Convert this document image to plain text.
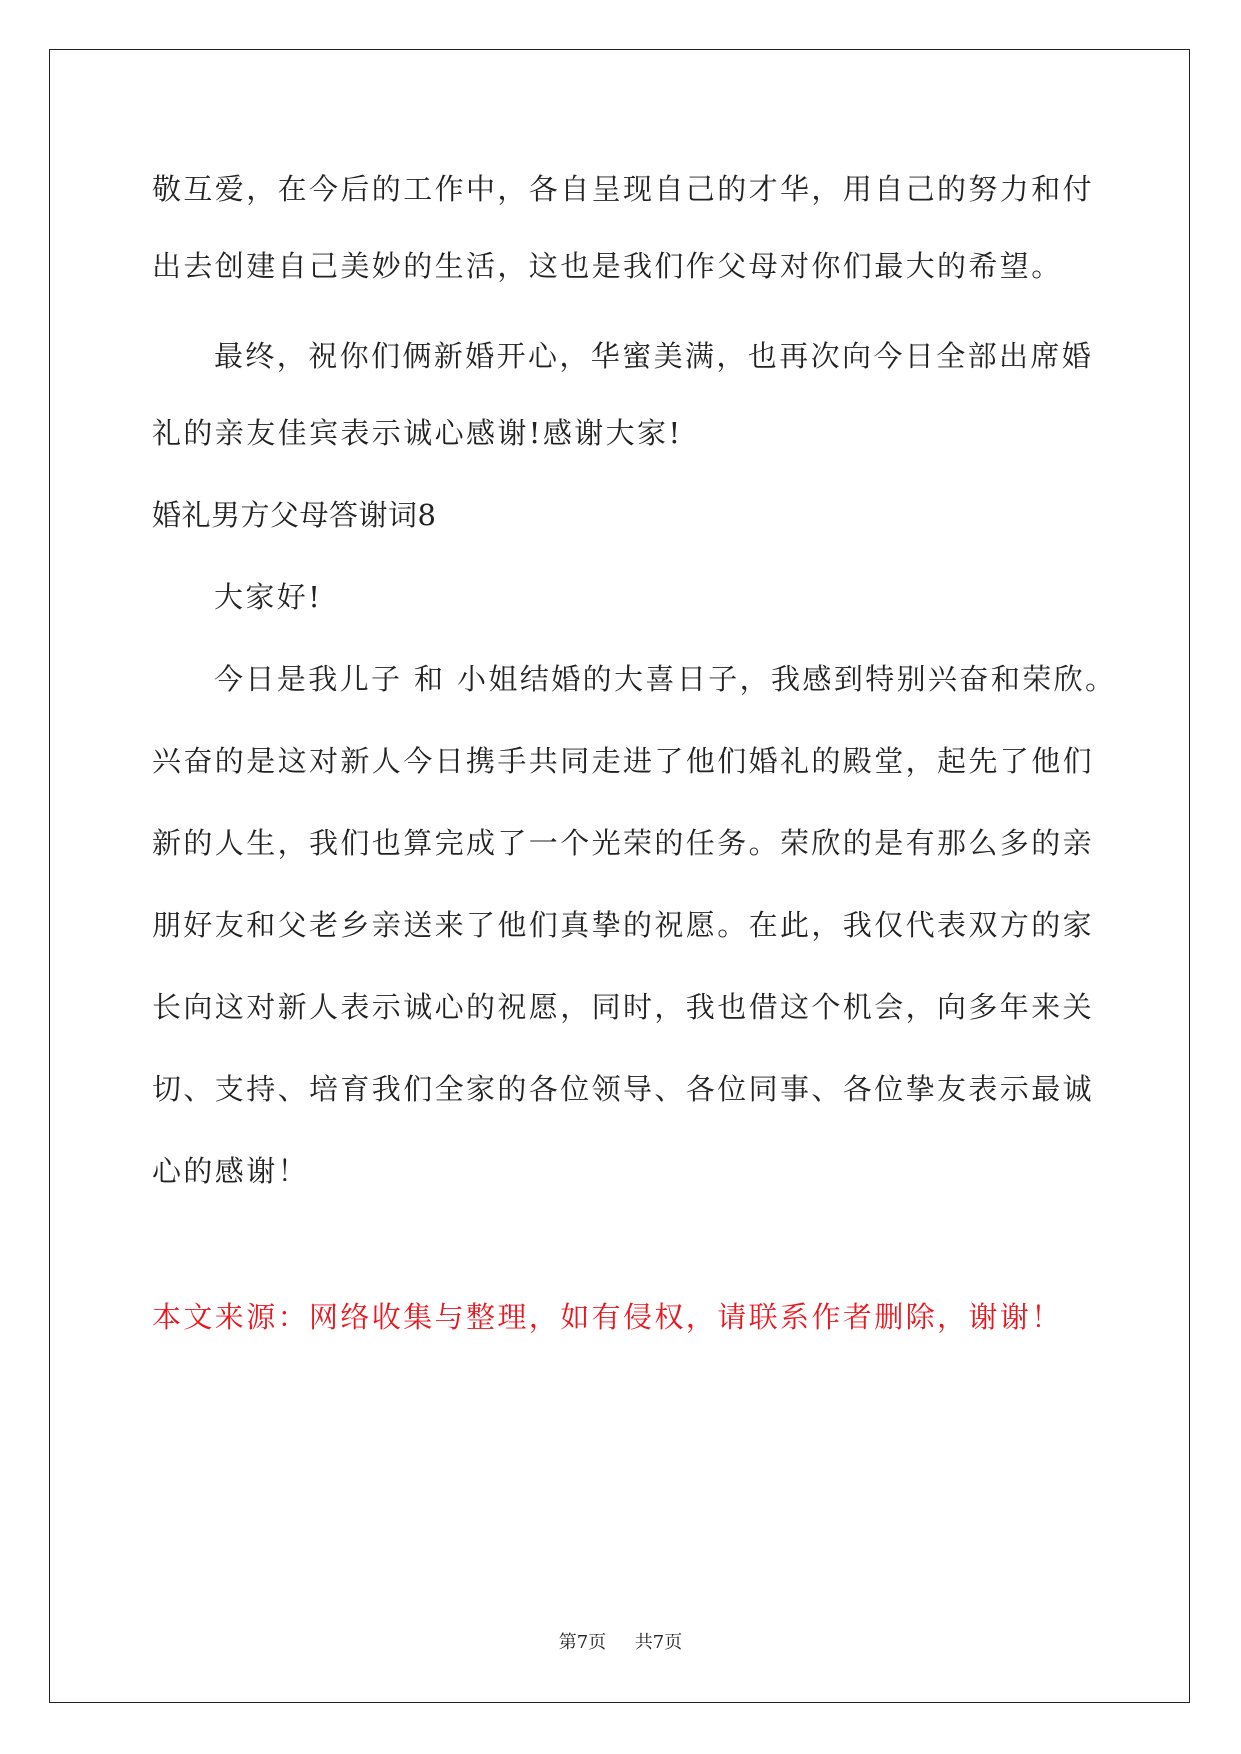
敬互爱，在今后的工作中，各自呈现自己的才华，用自己的努力和付
出去创建自己美妙的生活，这也是我们作父母对你们最大的希望。
最终，祝你们俩新婚开心，华蜜美满，也再次向今日全部出席婚
礼的亲友佳宾表示诚心感谢!感谢大家!
婚礼男方父母答谢词8
大家好!
今日是我儿子 和 小姐结婚的大喜日子，我感到特别兴奋和荣欣。
兴奋的是这对新人今日携手共同走进了他们婚礼的殿堂，起先了他们
新的人生，我们也算完成了一个光荣的任务。荣欣的是有那么多的亲
朋好友和父老乡亲送来了他们真挚的祝愿。在此，我仅代表双方的家
长向这对新人表示诚心的祝愿，同时，我也借这个机会，向多年来关
切、支持、培育我们全家的各位领导、各位同事、各位挚友表示最诚
心的感谢！
本文来源：网络收集与整理，如有侵权，请联系作者删除，谢谢！
第7页 共7页
